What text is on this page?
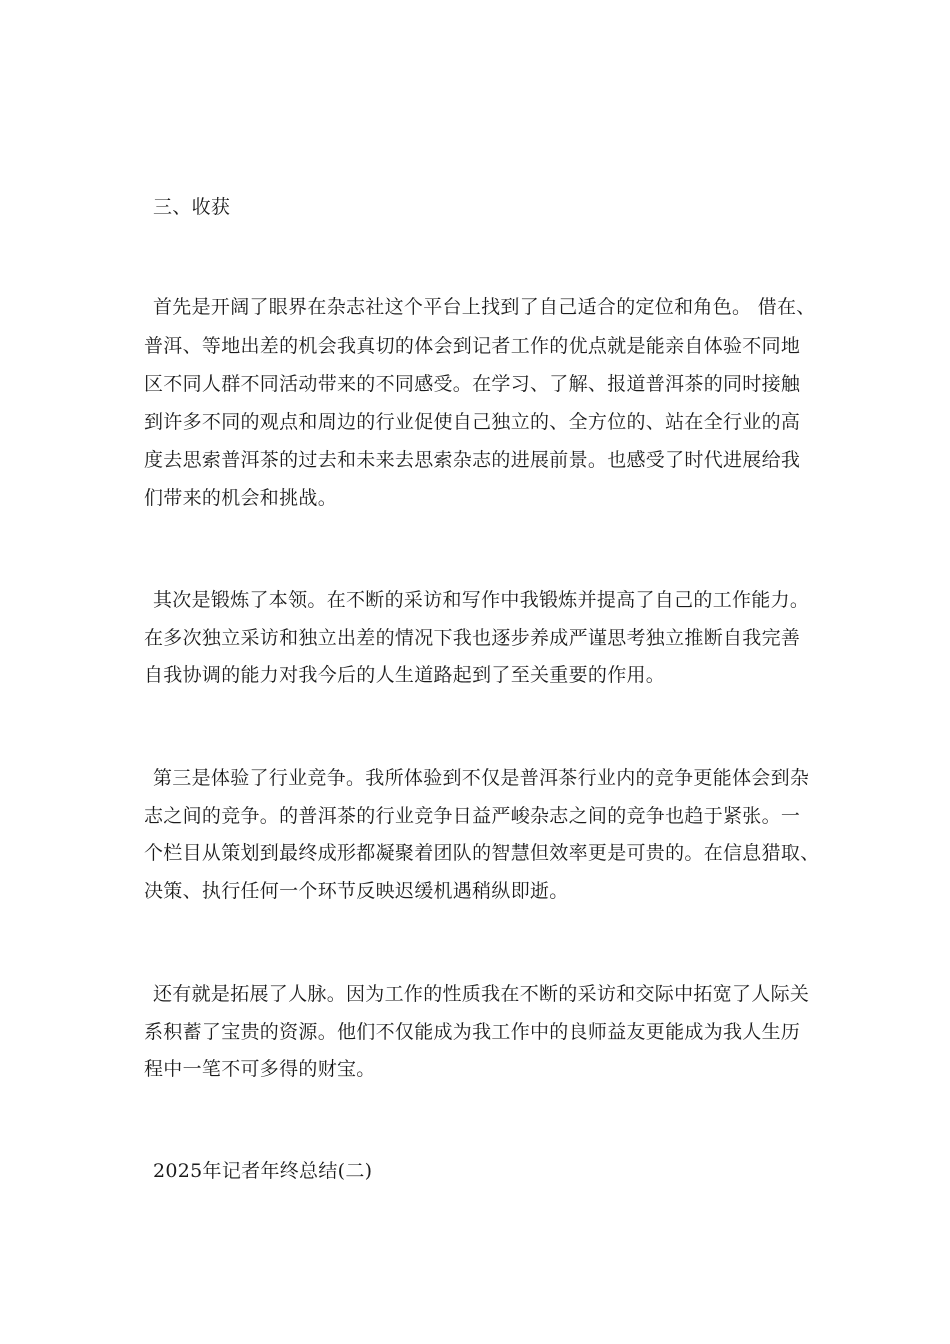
三、收获
首先是开阔了眼界在杂志社这个平台上找到了自己适合的定位和角色。 借在、
普洱、等地出差的机会我真切的体会到记者工作的优点就是能亲自体验不同地
区不同人群不同活动带来的不同感受。在学习、了解、报道普洱茶的同时接触
到许多不同的观点和周边的行业促使自己独立的、全方位的、站在全行业的高
度去思索普洱茶的过去和未来去思索杂志的进展前景。也感受了时代进展给我
们带来的机会和挑战。
其次是锻炼了本领。在不断的采访和写作中我锻炼并提高了自己的工作能力。
在多次独立采访和独立出差的情况下我也逐步养成严谨思考独立推断自我完善
自我协调的能力对我今后的人生道路起到了至关重要的作用。
第三是体验了行业竞争。我所体验到不仅是普洱茶行业内的竞争更能体会到杂
志之间的竞争。的普洱茶的行业竞争日益严峻杂志之间的竞争也趋于紧张。一
个栏目从策划到最终成形都凝聚着团队的智慧但效率更是可贵的。在信息猎取、
决策、执行任何一个环节反映迟缓机遇稍纵即逝。
还有就是拓展了人脉。因为工作的性质我在不断的采访和交际中拓宽了人际关
系积蓄了宝贵的资源。他们不仅能成为我工作中的良师益友更能成为我人生历
程中一笔不可多得的财宝。
2025年记者年终总结(二)
